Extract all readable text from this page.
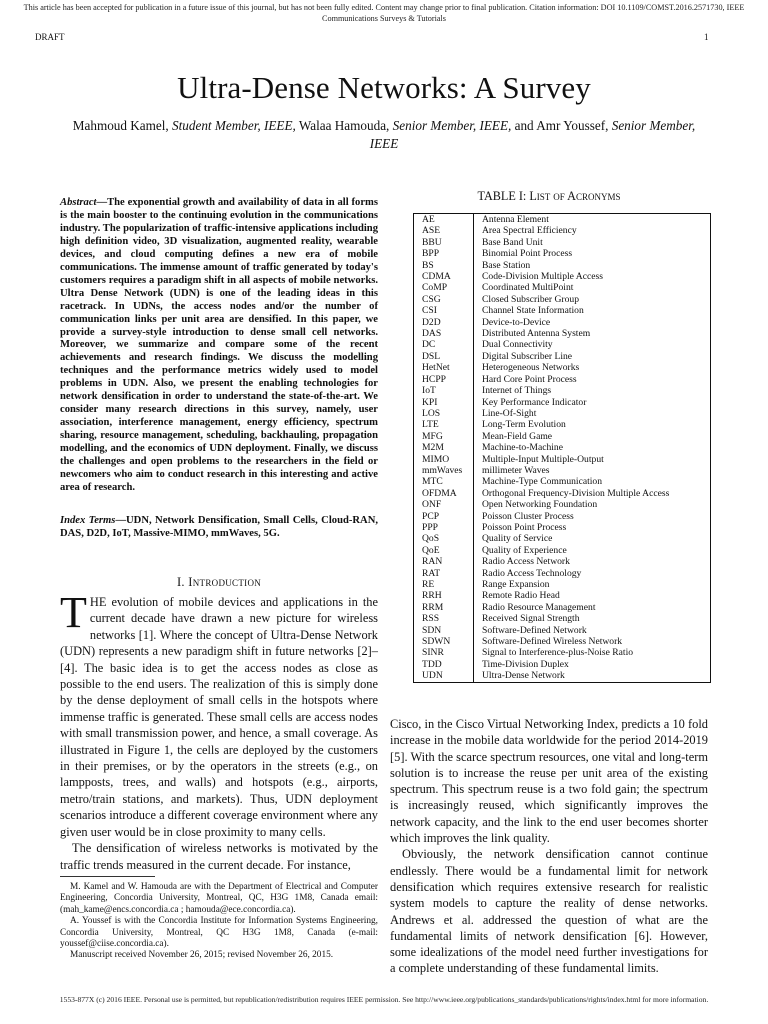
This article has been accepted for publication in a future issue of this journal, but has not been fully edited. Content may change prior to final publication. Citation information: DOI 10.1109/COMST.2016.2571730, IEEE
Communications Surveys & Tutorials
DRAFT	1
Ultra-Dense Networks: A Survey
Mahmoud Kamel, Student Member, IEEE, Walaa Hamouda, Senior Member, IEEE, and Amr Youssef, Senior Member, IEEE
Abstract—The exponential growth and availability of data in all forms is the main booster to the continuing evolution in the communications industry. The popularization of traffic-intensive applications including high definition video, 3D visualization, augmented reality, wearable devices, and cloud computing defines a new era of mobile communications. The immense amount of traffic generated by today's customers requires a paradigm shift in all aspects of mobile networks. Ultra Dense Network (UDN) is one of the leading ideas in this racetrack. In UDNs, the access nodes and/or the number of communication links per unit area are densified. In this paper, we provide a survey-style introduction to dense small cell networks. Moreover, we summarize and compare some of the recent achievements and research findings. We discuss the modelling techniques and the performance metrics widely used to model problems in UDN. Also, we present the enabling technologies for network densification in order to understand the state-of-the-art. We consider many research directions in this survey, namely, user association, interference management, energy efficiency, spectrum sharing, resource management, scheduling, backhauling, propagation modelling, and the economics of UDN deployment. Finally, we discuss the challenges and open problems to the researchers in the field or newcomers who aim to conduct research in this interesting and active area of research.
Index Terms—UDN, Network Densification, Small Cells, Cloud-RAN, DAS, D2D, IoT, Massive-MIMO, mmWaves, 5G.
I. Introduction

THE evolution of mobile devices and applications in the current decade have drawn a new picture for wireless networks [1]. Where the concept of Ultra-Dense Network (UDN) represents a new paradigm shift in future networks [2]–[4]. The basic idea is to get the access nodes as close as possible to the end users. The realization of this is simply done by the dense deployment of small cells in the hotspots where immense traffic is generated. These small cells are access nodes with small transmission power, and hence, a small coverage. As illustrated in Figure 1, the cells are deployed by the customers in their premises, or by the operators in the streets (e.g., on lampposts, trees, and walls) and hotspots (e.g., airports, metro/train stations, and markets). Thus, UDN deployment scenarios introduce a different coverage environment where any given user would be in close proximity to many cells.

The densification of wireless networks is motivated by the traffic trends measured in the current decade. For instance,

M. Kamel and W. Hamouda are with the Department of Electrical and Computer Engineering, Concordia University, Montreal, QC, H3G 1M8, Canada email: (mah_kame@encs.concordia.ca ; hamouda@ece.concordia.ca).

A. Youssef is with the Concordia Institute for Information Systems Engineering, Concordia University, Montreal, QC H3G 1M8, Canada (e-mail: youssef@ciise.concordia.ca).

Manuscript received November 26, 2015; revised November 26, 2015.

TABLE I: List of Acronyms
AE	Antenna Element
ASE	Area Spectral Efficiency
BBU	Base Band Unit
BPP	Binomial Point Process
BS	Base Station
CDMA	Code-Division Multiple Access
CoMP	Coordinated MultiPoint
CSG	Closed Subscriber Group
CSI	Channel State Information
D2D	Device-to-Device
DAS	Distributed Antenna System
DC	Dual Connectivity
DSL	Digital Subscriber Line
HetNet	Heterogeneous Networks
HCPP	Hard Core Point Process
IoT	Internet of Things
KPI	Key Performance Indicator
LOS	Line-Of-Sight
LTE	Long-Term Evolution
MFG	Mean-Field Game
M2M	Machine-to-Machine
MIMO	Multiple-Input Multiple-Output
mmWaves	millimeter Waves
MTC	Machine-Type Communication
OFDMA	Orthogonal Frequency-Division Multiple Access
ONF	Open Networking Foundation
PCP	Poisson Cluster Process
PPP	Poisson Point Process
QoS	Quality of Service
QoE	Quality of Experience
RAN	Radio Access Network
RAT	Radio Access Technology
RE	Range Expansion
RRH	Remote Radio Head
RRM	Radio Resource Management
RSS	Received Signal Strength
SDN	Software-Defined Network
SDWN	Software-Defined Wireless Network
SINR	Signal to Interference-plus-Noise Ratio
TDD	Time-Division Duplex
UDN	Ultra-Dense Network

Cisco, in the Cisco Virtual Networking Index, predicts a 10 fold increase in the mobile data worldwide for the period 2014-2019 [5]. With the scarce spectrum resources, one vital and long-term solution is to increase the reuse per unit area of the existing spectrum. This spectrum reuse is a two fold gain; the spectrum is increasingly reused, which significantly improves the network capacity, and the link to the end user becomes shorter which improves the link quality.

Obviously, the network densification cannot continue endlessly. There would be a fundamental limit for network densification which requires extensive research for realistic system models to capture the reality of dense networks. Andrews et al. addressed the question of what are the fundamental limits of network densification [6]. However, some idealizations of the model need further investigations for a complete understanding of these fundamental limits.

1553-877X (c) 2016 IEEE. Personal use is permitted, but republication/redistribution requires IEEE permission. See http://www.ieee.org/publications_standards/publications/rights/index.html for more information.
